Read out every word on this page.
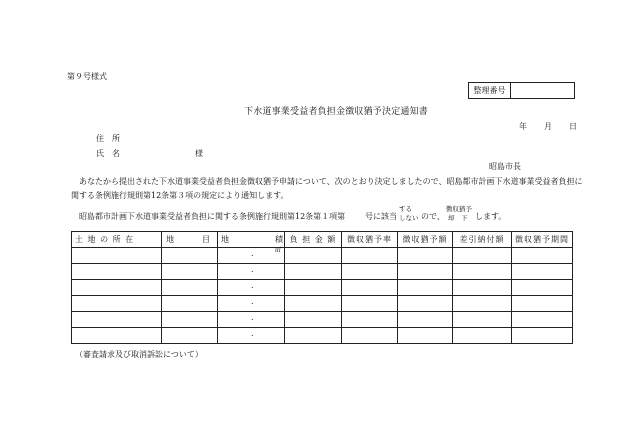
第９号様式
整理番号
下水道事業受益者負担金徴収猶予決定通知書
年 月 日
住　所
氏　名	様
昭島市長
あなたから提出された下水道事業受益者負担金徴収猶予申請について、次のとおり決定しましたので、昭島都市計画下水道事業受益者負担に
関する条例施行規則第12条第３項の規定により通知します。
昭島都市計画下水道事業受益者負担に関する条例施行規則第12条第１項第 号に該当
する
しない ので、
徴収猶予
却　下 します。
土 地 の 所 在	地　　　目	地　　　　　積	負 担 金 額	徴収猶予率	徴収猶予額	差引納付額	徴収猶予期間

		． ㎡					

		．					

		．					

		．					

		．					

		．					

（審査請求及び取消訴訟について）
